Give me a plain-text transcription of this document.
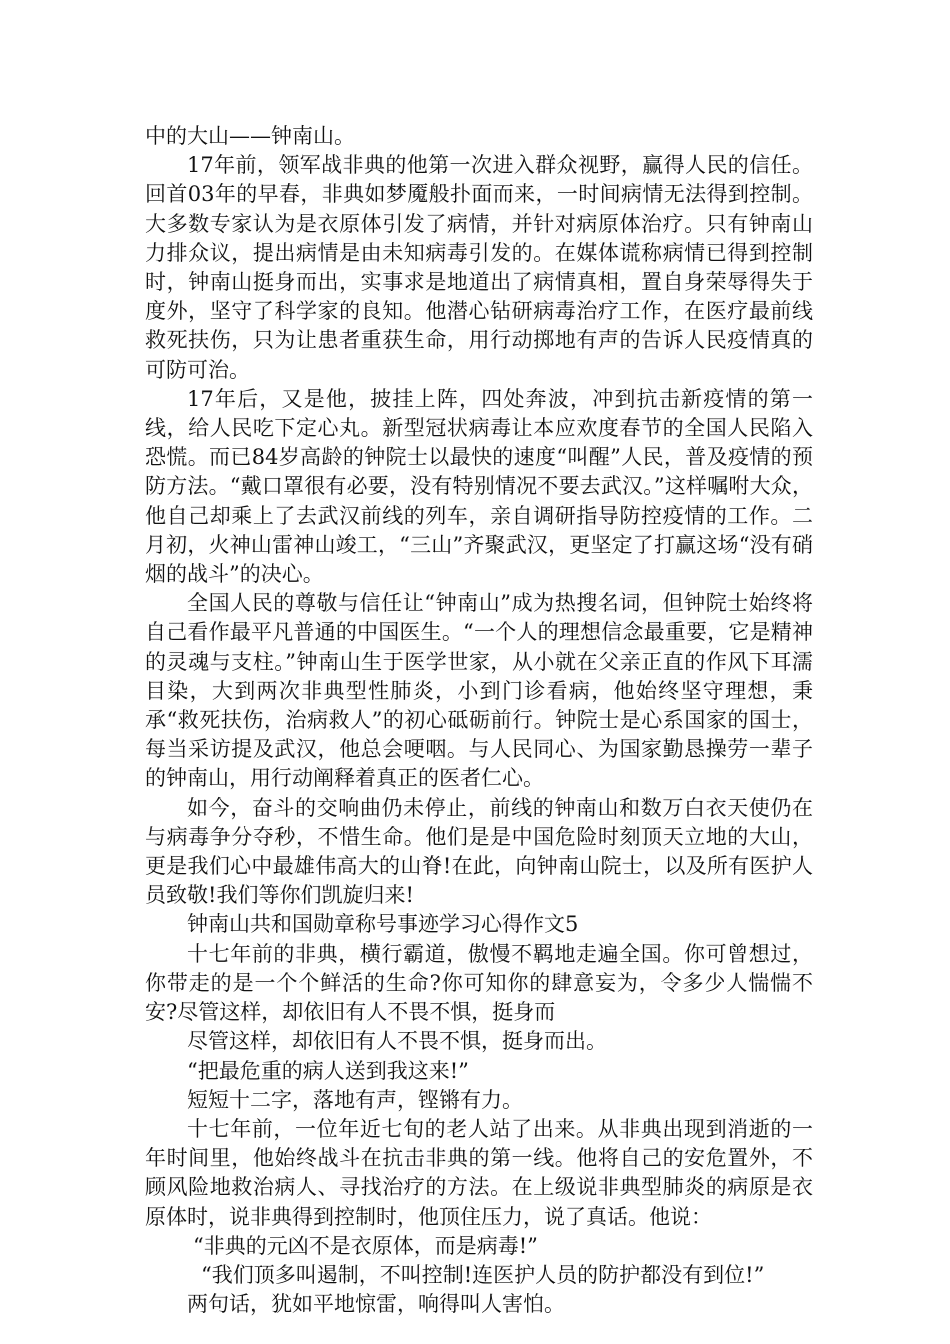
中的大山——钟南山。

17年前，领军战非典的他第一次进入群众视野，赢得人民的信任。回首03年的早春，非典如梦魇般扑面而来，一时间病情无法得到控制。大多数专家认为是衣原体引发了病情，并针对病原体治疗。只有钟南山力排众议，提出病情是由未知病毒引发的。在媒体谎称病情已得到控制时，钟南山挺身而出，实事求是地道出了病情真相，置自身荣辱得失于度外，坚守了科学家的良知。他潜心钻研病毒治疗工作，在医疗最前线救死扶伤，只为让患者重获生命，用行动掷地有声的告诉人民疫情真的可防可治。

17年后，又是他，披挂上阵，四处奔波，冲到抗击新疫情的第一线，给人民吃下定心丸。新型冠状病毒让本应欢度春节的全国人民陷入恐慌。而已84岁高龄的钟院士以最快的速度“叫醒”人民，普及疫情的预防方法。“戴口罩很有必要，没有特别情况不要去武汉。”这样嘱咐大众，他自己却乘上了去武汉前线的列车，亲自调研指导防控疫情的工作。二月初，火神山雷神山竣工，“三山”齐聚武汉，更坚定了打赢这场“没有硝烟的战斗”的决心。

全国人民的尊敬与信任让“钟南山”成为热搜名词，但钟院士始终将自己看作最平凡普通的中国医生。“一个人的理想信念最重要，它是精神的灵魂与支柱。”钟南山生于医学世家，从小就在父亲正直的作风下耳濡目染，大到两次非典型性肺炎，小到门诊看病，他始终坚守理想，秉承“救死扶伤，治病救人”的初心砥砺前行。钟院士是心系国家的国士，每当采访提及武汉，他总会哽咽。与人民同心、为国家勤恳操劳一辈子的钟南山，用行动阐释着真正的医者仁心。

如今，奋斗的交响曲仍未停止，前线的钟南山和数万白衣天使仍在与病毒争分夺秒，不惜生命。他们是是中国危险时刻顶天立地的大山，更是我们心中最雄伟高大的山脊!在此，向钟南山院士，以及所有医护人员致敬!我们等你们凯旋归来!

钟南山共和国勋章称号事迹学习心得作文5

十七年前的非典，横行霸道，傲慢不羁地走遍全国。你可曾想过，你带走的是一个个鲜活的生命?你可知你的肆意妄为，令多少人惴惴不安?尽管这样，却依旧有人不畏不惧，挺身而

尽管这样，却依旧有人不畏不惧，挺身而出。

“把最危重的病人送到我这来!”

短短十二字，落地有声，铿锵有力。

十七年前，一位年近七旬的老人站了出来。从非典出现到消逝的一年时间里，他始终战斗在抗击非典的第一线。他将自己的安危置外，不顾风险地救治病人、寻找治疗的方法。在上级说非典型肺炎的病原是衣原体时，说非典得到控制时，他顶住压力，说了真话。他说：

“非典的元凶不是衣原体，而是病毒!”

“我们顶多叫遏制，不叫控制!连医护人员的防护都没有到位!”

两句话，犹如平地惊雷，响得叫人害怕。
